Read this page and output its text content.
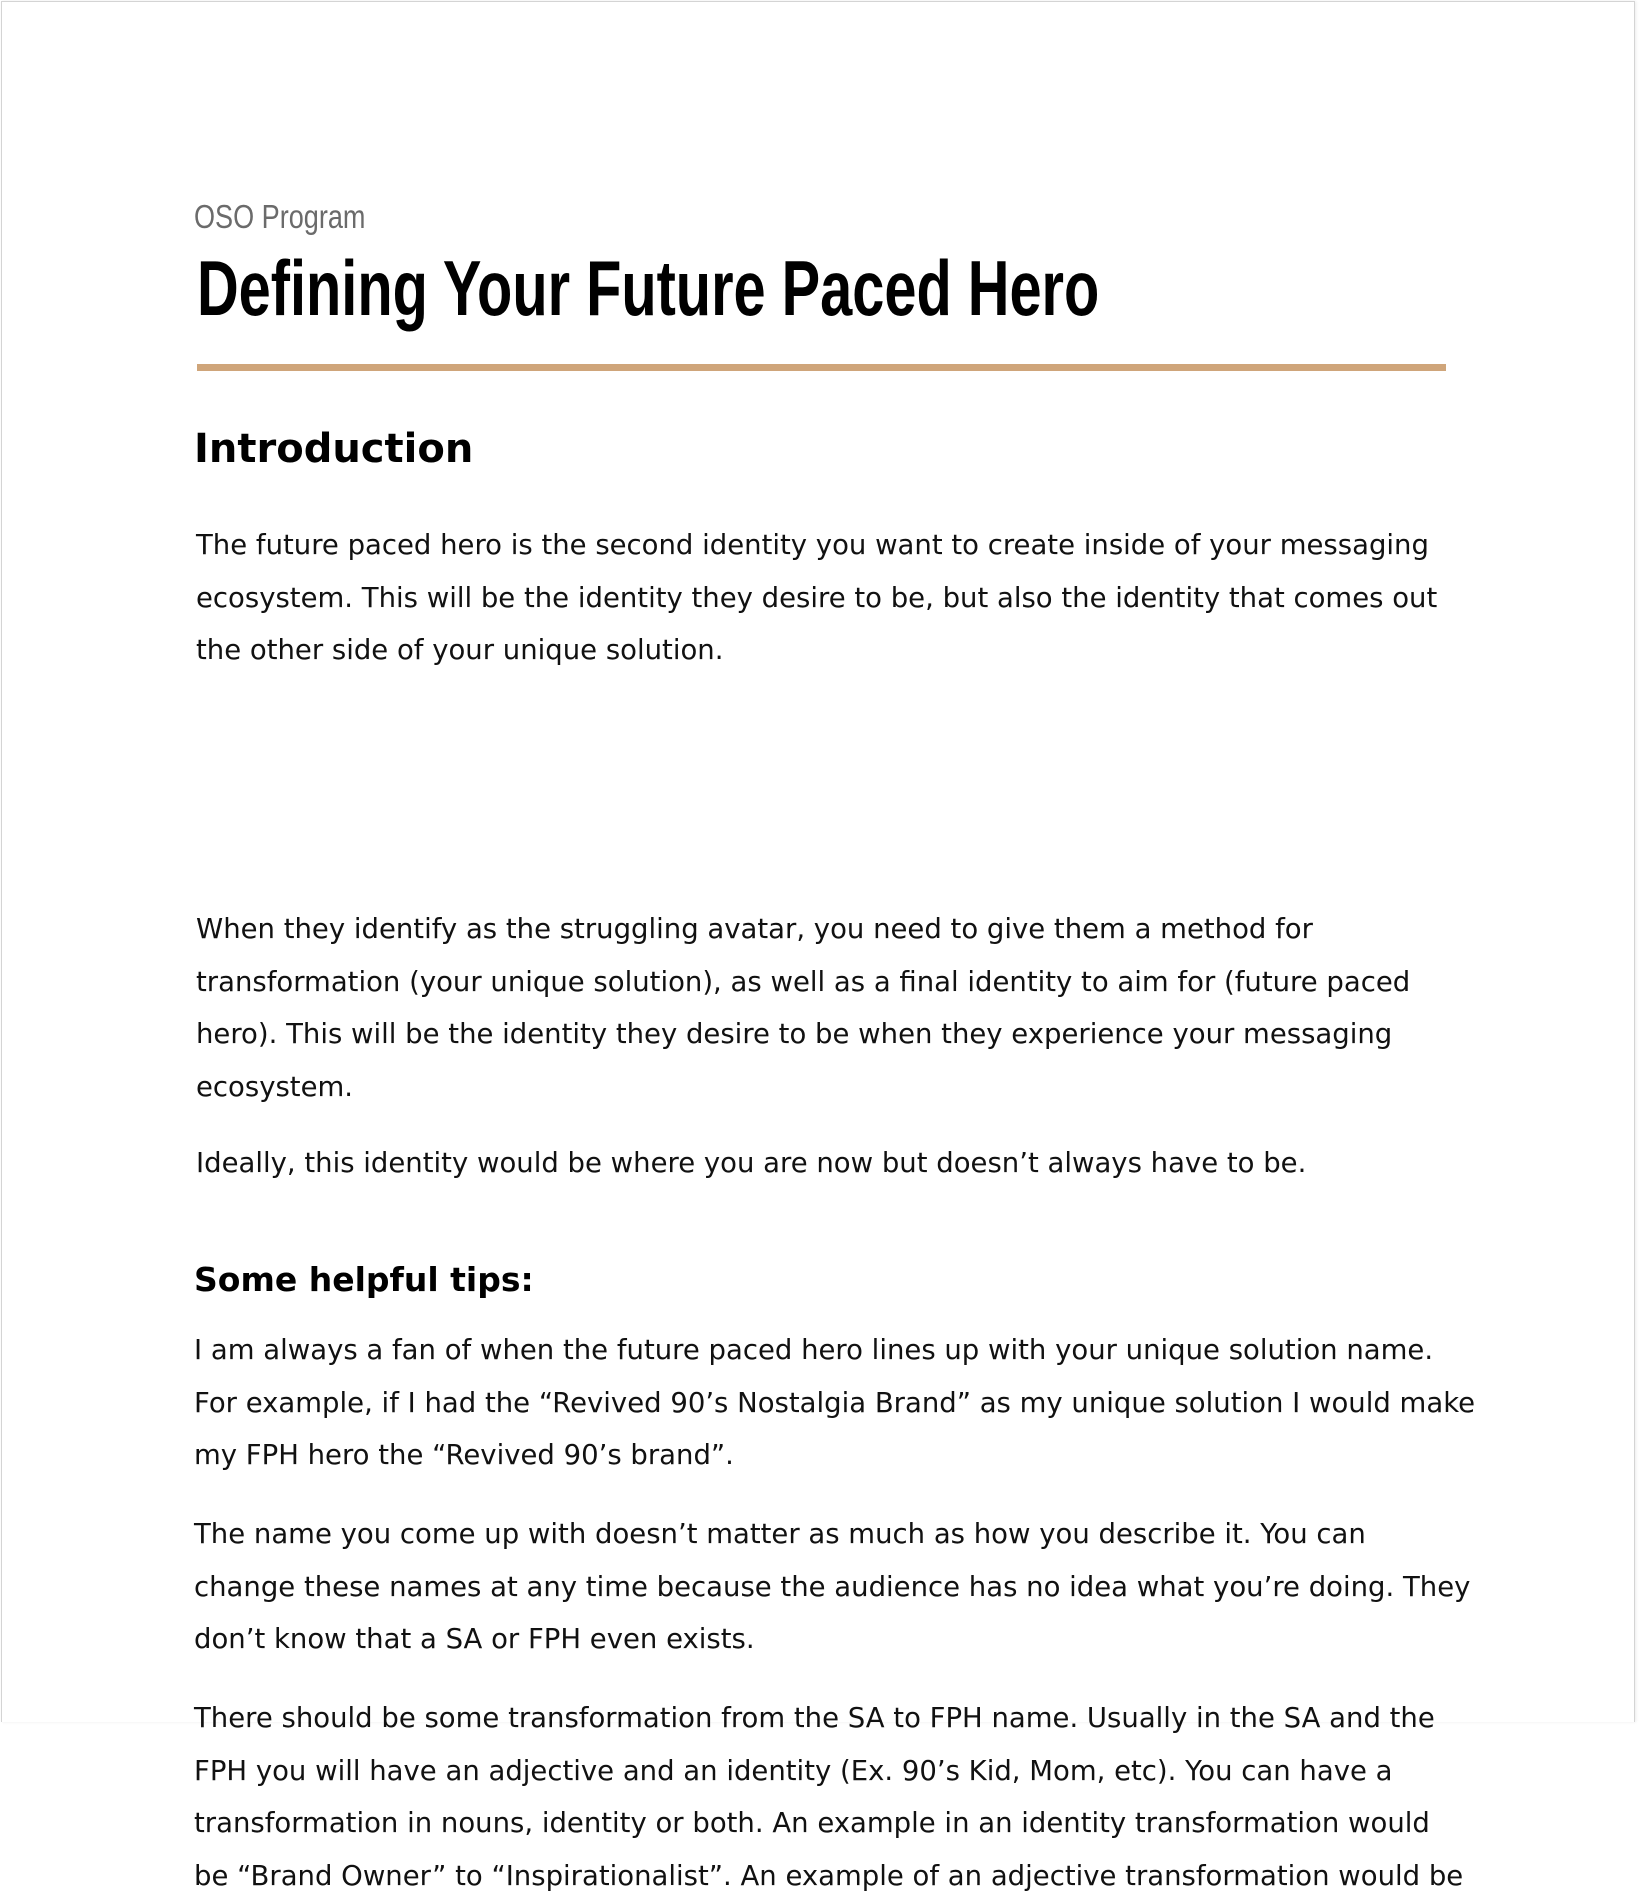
OSO Program

Defining Your Future Paced Hero
Introduction

The future paced hero is the second identity you want to create inside of your messaging
ecosystem. This will be the identity they desire to be, but also the identity that comes out
the other side of your unique solution.

When they identify as the struggling avatar, you need to give them a method for
transformation (your unique solution), as well as a final identity to aim for (future paced
hero). This will be the identity they desire to be when they experience your messaging
ecosystem.

Ideally, this identity would be where you are now but doesn’t always have to be.

Some helpful tips:

I am always a fan of when the future paced hero lines up with your unique solution name.
For example, if I had the “Revived 90’s Nostalgia Brand” as my unique solution I would make
my FPH hero the “Revived 90’s brand”.

The name you come up with doesn’t matter as much as how you describe it. You can
change these names at any time because the audience has no idea what you’re doing. They
don’t know that a SA or FPH even exists.

There should be some transformation from the SA to FPH name. Usually in the SA and the
FPH you will have an adjective and an identity (Ex. 90’s Kid, Mom, etc). You can have a
transformation in nouns, identity or both. An example in an identity transformation would
be “Brand Owner” to “Inspirationalist”. An example of an adjective transformation would be
